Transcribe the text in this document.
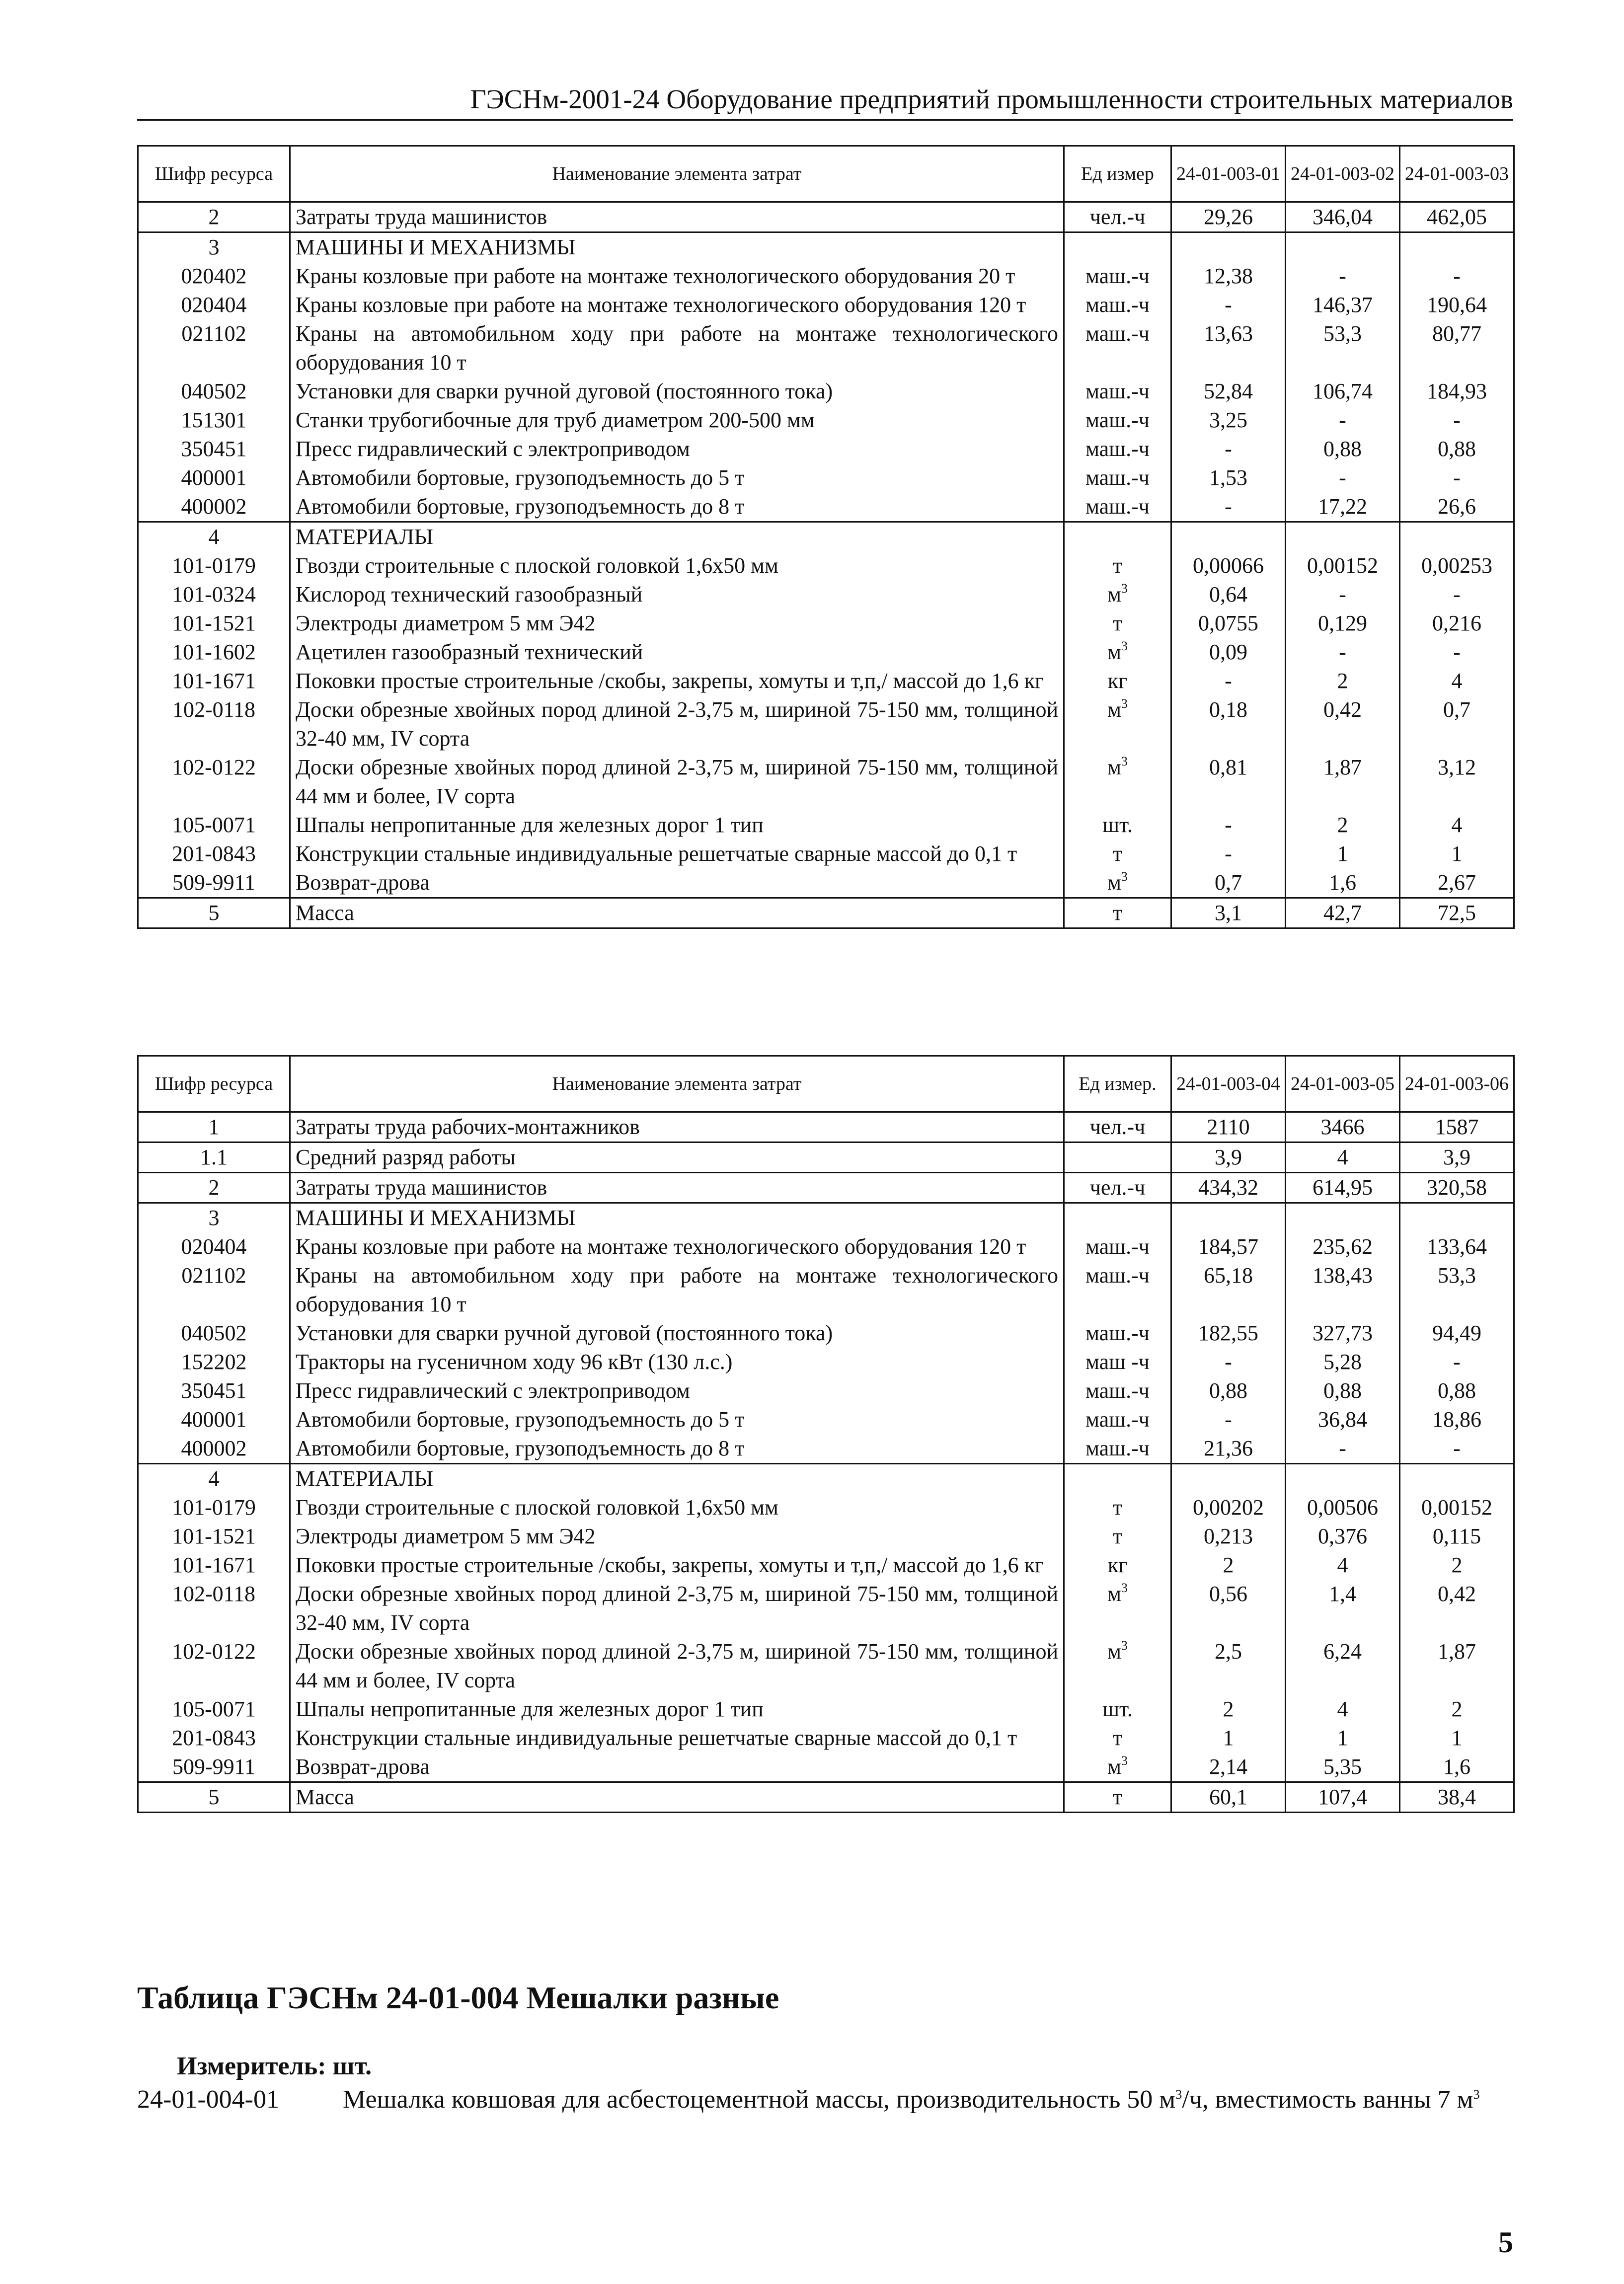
ГЭСНм-2001-24 Оборудование предприятий промышленности строительных материалов
Шифр ресурса	Наименование элемента затрат	Ед измер	24-01-003-01	24-01-003-02	24-01-003-03
2	Затраты труда машинистов	чел.-ч	29,26	346,04	462,05
3	МАШИНЫ И МЕХАНИЗМЫ				
020402	Краны козловые при работе на монтаже технологического оборудования 20 т	маш.-ч	12,38	-	-
020404	Краны козловые при работе на монтаже технологического оборудования 120 т	маш.-ч	-	146,37	190,64
021102	Краны на автомобильном ходу при работе на монтаже технологического оборудования 10 т	маш.-ч	13,63	53,3	80,77
040502	Установки для сварки ручной дуговой (постоянного тока)	маш.-ч	52,84	106,74	184,93
151301	Станки трубогибочные для труб диаметром 200-500 мм	маш.-ч	3,25	-	-
350451	Пресс гидравлический с электроприводом	маш.-ч	-	0,88	0,88
400001	Автомобили бортовые, грузоподъемность до 5 т	маш.-ч	1,53	-	-
400002	Автомобили бортовые, грузоподъемность до 8 т	маш.-ч	-	17,22	26,6
4	МАТЕРИАЛЫ				
101-0179	Гвозди строительные с плоской головкой 1,6х50 мм	т	0,00066	0,00152	0,00253
101-0324	Кислород технический газообразный	$м^3$	0,64	-	-
101-1521	Электроды диаметром 5 мм Э42	т	0,0755	0,129	0,216
101-1602	Ацетилен газообразный технический	$м^3$	0,09	-	-
101-1671	Поковки простые строительные /скобы, закрепы, хомуты и т,п,/ массой до 1,6 кг	кг	-	2	4
102-0118	Доски обрезные хвойных пород длиной 2-3,75 м, шириной 75-150 мм, толщиной 32-40 мм, IV сорта	$м^3$	0,18	0,42	0,7
102-0122	Доски обрезные хвойных пород длиной 2-3,75 м, шириной 75-150 мм, толщиной 44 мм и более, IV сорта	$м^3$	0,81	1,87	3,12
105-0071	Шпалы непропитанные для железных дорог 1 тип	шт.	-	2	4
201-0843	Конструкции стальные индивидуальные решетчатые сварные массой до 0,1 т	т	-	1	1
509-9911	Возврат-дрова	$м^3$	0,7	1,6	2,67
5	Масса	т	3,1	42,7	72,5
Шифр ресурса	Наименование элемента затрат	Ед измер.	24-01-003-04	24-01-003-05	24-01-003-06
1	Затраты труда рабочих-монтажников	чел.-ч	2110	3466	1587
1.1	Средний разряд работы		3,9	4	3,9
2	Затраты труда машинистов	чел.-ч	434,32	614,95	320,58
3	МАШИНЫ И МЕХАНИЗМЫ				
020404	Краны козловые при работе на монтаже технологического оборудования 120 т	маш.-ч	184,57	235,62	133,64
021102	Краны на автомобильном ходу при работе на монтаже технологического оборудования 10 т	маш.-ч	65,18	138,43	53,3
040502	Установки для сварки ручной дуговой (постоянного тока)	маш.-ч	182,55	327,73	94,49
152202	Тракторы на гусеничном ходу 96 кВт (130 л.с.)	маш -ч	-	5,28	-
350451	Пресс гидравлический с электроприводом	маш.-ч	0,88	0,88	0,88
400001	Автомобили бортовые, грузоподъемность до 5 т	маш.-ч	-	36,84	18,86
400002	Автомобили бортовые, грузоподъемность до 8 т	маш.-ч	21,36	-	-
4	МАТЕРИАЛЫ				
101-0179	Гвозди строительные с плоской головкой 1,6х50 мм	т	0,00202	0,00506	0,00152
101-1521	Электроды диаметром 5 мм Э42	т	0,213	0,376	0,115
101-1671	Поковки простые строительные /скобы, закрепы, хомуты и т,п,/ массой до 1,6 кг	кг	2	4	2
102-0118	Доски обрезные хвойных пород длиной 2-3,75 м, шириной 75-150 мм, толщиной 32-40 мм, IV сорта	$м^3$	0,56	1,4	0,42
102-0122	Доски обрезные хвойных пород длиной 2-3,75 м, шириной 75-150 мм, толщиной 44 мм и более, IV сорта	$м^3$	2,5	6,24	1,87
105-0071	Шпалы непропитанные для железных дорог 1 тип	шт.	2	4	2
201-0843	Конструкции стальные индивидуальные решетчатые сварные массой до 0,1 т	т	1	1	1
509-9911	Возврат-дрова	$м^3$	2,14	5,35	1,6
5	Масса	т	60,1	107,4	38,4
Таблица ГЭСНм 24-01-004 Мешалки разные
Измеритель: шт.
24-01-004-01 Мешалка ковшовая для асбестоцементной массы, производительность 50 $м^3/ч$, вместимость ванны 7 $м^3$
5
